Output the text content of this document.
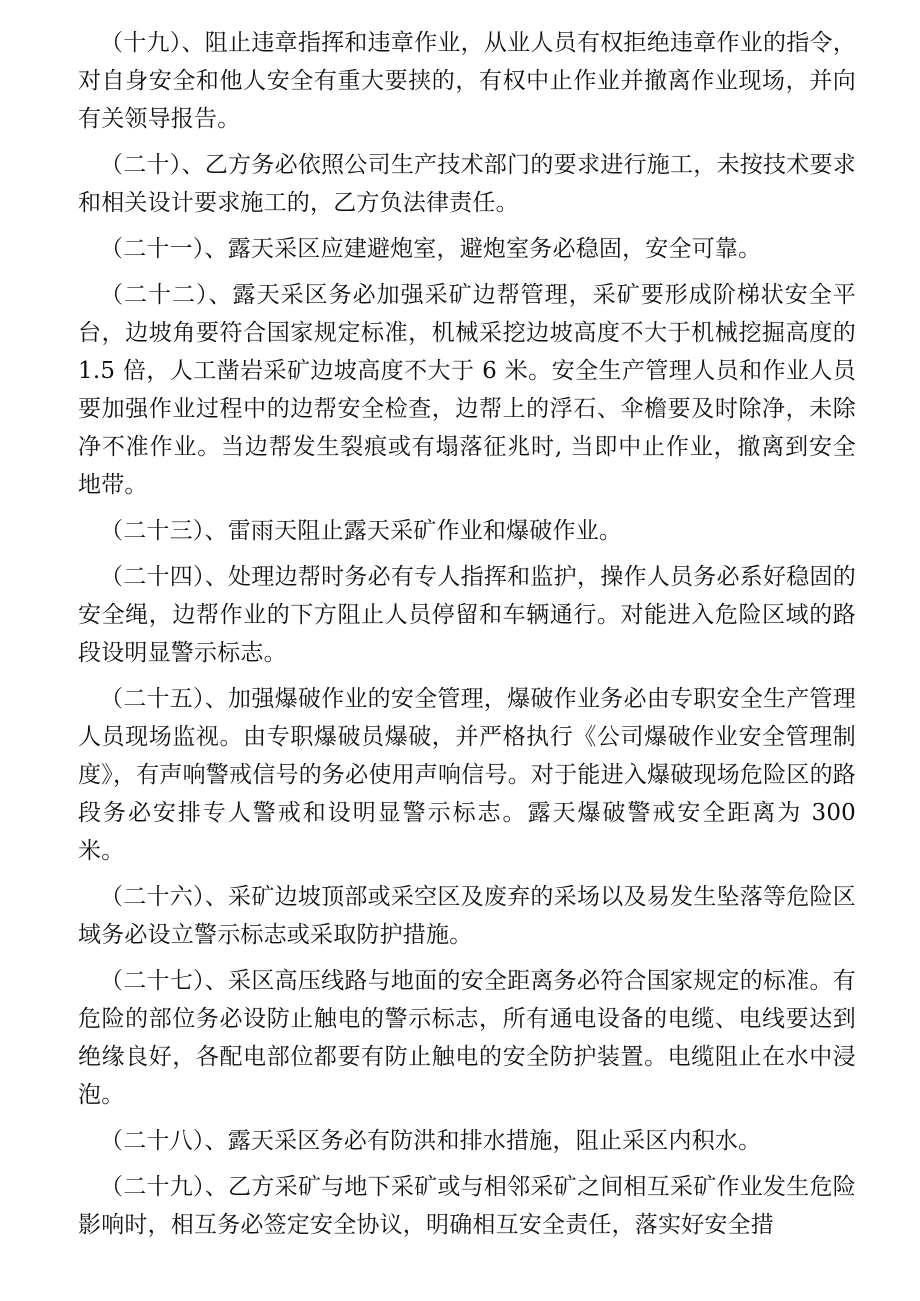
（十九）、阻止违章指挥和违章作业，从业人员有权拒绝违章作业的指令，对自身安全和他人安全有重大要挟的，有权中止作业并撤离作业现场，并向有关领导报告。

（二十）、乙方务必依照公司生产技术部门的要求进行施工，未按技术要求和相关设计要求施工的，乙方负法律责任。

（二十一）、露天采区应建避炮室，避炮室务必稳固，安全可靠。

（二十二）、露天采区务必加强采矿边帮管理，采矿要形成阶梯状安全平台，边坡角要符合国家规定标准，机械采挖边坡高度不大于机械挖掘高度的 1.5 倍，人工凿岩采矿边坡高度不大于 6 米。安全生产管理人员和作业人员要加强作业过程中的边帮安全检查，边帮上的浮石、伞檐要及时除净，未除净不准作业。当边帮发生裂痕或有塌落征兆时, 当即中止作业，撤离到安全地带。

（二十三）、雷雨天阻止露天采矿作业和爆破作业。

（二十四）、处理边帮时务必有专人指挥和监护，操作人员务必系好稳固的安全绳，边帮作业的下方阻止人员停留和车辆通行。对能进入危险区域的路段设明显警示标志。

（二十五）、加强爆破作业的安全管理，爆破作业务必由专职安全生产管理人员现场监视。由专职爆破员爆破，并严格执行《公司爆破作业安全管理制度》，有声响警戒信号的务必使用声响信号。对于能进入爆破现场危险区的路段务必安排专人警戒和设明显警示标志。露天爆破警戒安全距离为 300 米。

（二十六）、采矿边坡顶部或采空区及废弃的采场以及易发生坠落等危险区域务必设立警示标志或采取防护措施。

（二十七）、采区高压线路与地面的安全距离务必符合国家规定的标准。有危险的部位务必设防止触电的警示标志，所有通电设备的电缆、电线要达到绝缘良好，各配电部位都要有防止触电的安全防护装置。电缆阻止在水中浸泡。

（二十八）、露天采区务必有防洪和排水措施，阻止采区内积水。

（二十九）、乙方采矿与地下采矿或与相邻采矿之间相互采矿作业发生危险影响时，相互务必签定安全协议，明确相互安全责任，落实好安全措
